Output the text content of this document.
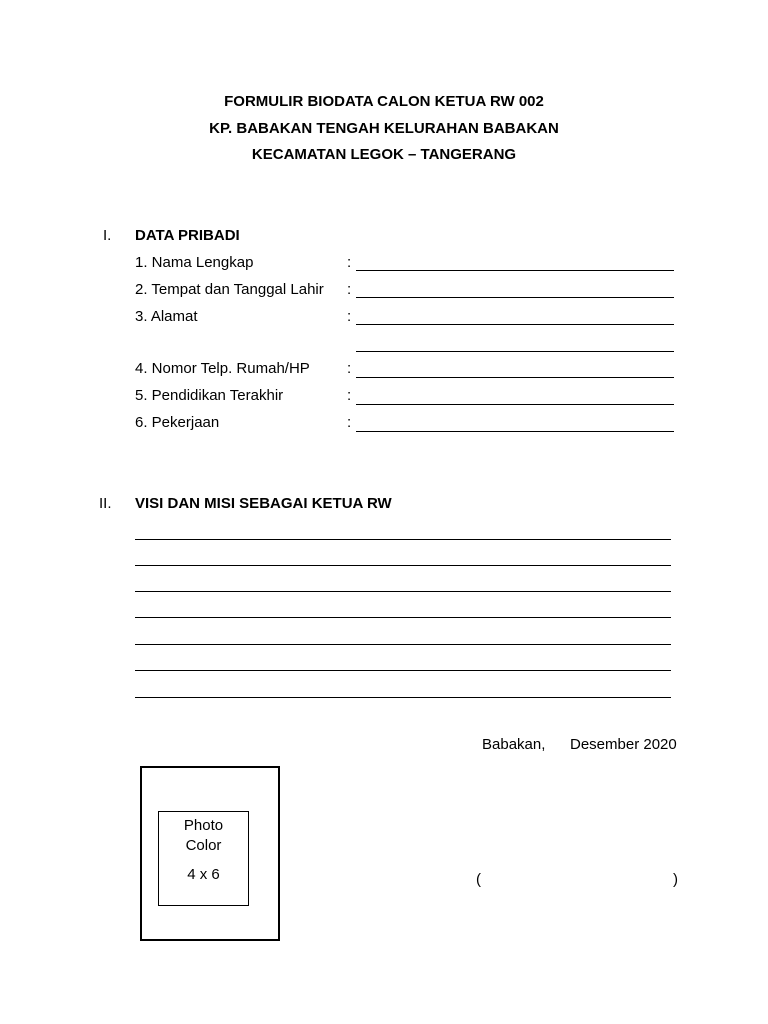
FORMULIR BIODATA CALON KETUA RW 002
KP. BABAKAN TENGAH KELURAHAN BABAKAN
KECAMATAN LEGOK – TANGERANG
I. DATA PRIBADI
1. Nama Lengkap	:
2. Tempat dan Tanggal Lahir :
3. Alamat	:
4. Nomor Telp. Rumah/HP :
5. Pendidikan Terakhir	:
6. Pekerjaan	:
II. VISI DAN MISI SEBAGAI KETUA RW
Babakan, Desember 2020
(	)
Photo
Color
4 x 6
